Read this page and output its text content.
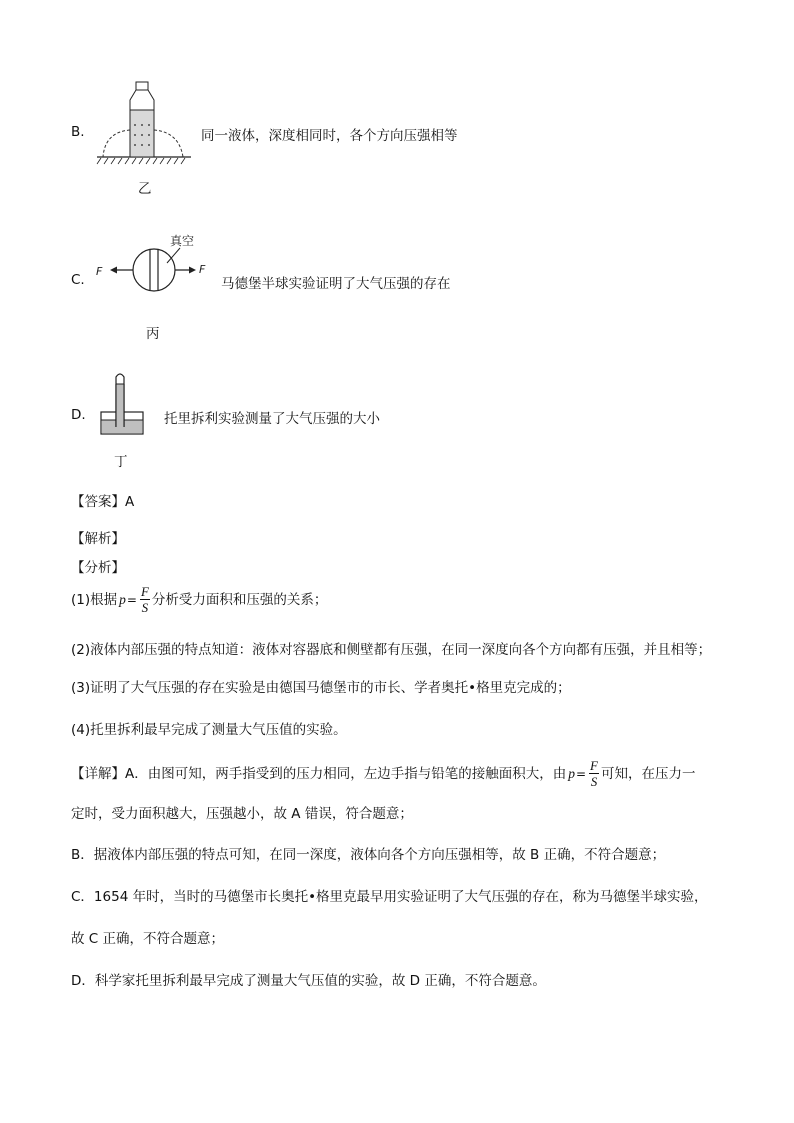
B.	同一液体，深度相同时，各个方向压强相等
乙
C.
F
真空
F
马德堡半球实验证明了大气压强的存在
丙
D.	托里拆利实验测量了大气压强的大小
丁
【答案】A
【解析】
【分析】
(1)根据 $p = \frac{F}{S}$ 分析受力面积和压强的关系；
(2)液体内部压强的特点知道：液体对容器底和侧壁都有压强，在同一深度向各个方向都有压强，并且相等；
(3)证明了大气压强的存在实验是由德国马德堡市的市长、学者奥托•格里克完成的；
(4)托里拆利最早完成了测量大气压值的实验。
【详解】 A．由图可知，两手指受到的压力相同，左边手指与铅笔的接触面积大，由 $p = \frac{F}{S}$ 可知，在压力一
定时，受力面积越大，压强越小，故 A 错误，符合题意；
B．据液体内部压强的特点可知，在同一深度，液体向各个方向压强相等，故 B 正确，不符合题意；
C．1654 年时，当时的马德堡市长奥托•格里克最早用实验证明了大气压强的存在，称为马德堡半球实验，
故 C 正确，不符合题意；
D．科学家托里拆利最早完成了测量大气压值的实验，故 D 正确，不符合题意。
